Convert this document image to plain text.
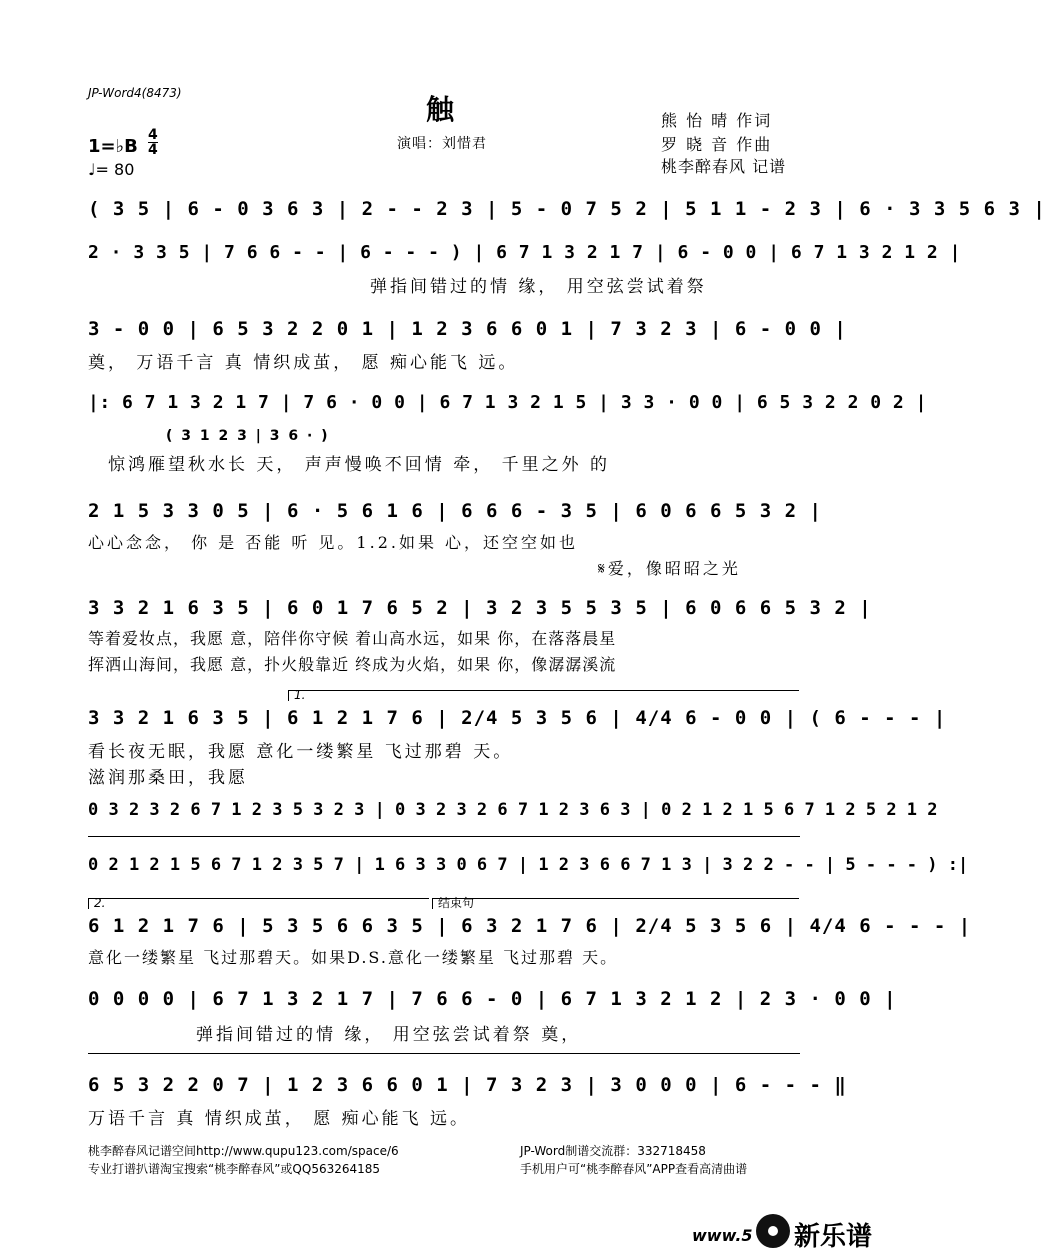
JP-Word4(8473)	触
演唱：刘惜君
熊 怡 晴 作词
罗 晓 音 作曲
桃李醉春风 记谱
1=♭B
4
4
♩= 80
( 3 5 | 6 - 0 3 6 3 | 2 - - 2 3 | 5 - 0 7 5 2 | 5 1 1 - 2 3 | 6 · 3 3 5 6 3 |
2 · 3 3 5 | 7 6 6 - - | 6 - - - ) | 6 7 1 3 2 1 7 | 6 - 0 0 | 6 7 1 3 2 1 2 |
弹指间错过的情 缘， 用空弦尝试着祭
3 - 0 0 | 6 5 3 2 2 0 1 | 1 2 3 6 6 0 1 | 7 3 2 3 | 6 - 0 0 |
奠， 万语千言 真 情织成茧， 愿 痴心能飞 远。
|: 6 7 1 3 2 1 7 | 7 6 · 0 0 | 6 7 1 3 2 1 5 | 3 3 · 0 0 | 6 5 3 2 2 0 2 |
( 3 1 2 3 | 3 6 · )
惊鸿雁望秋水长 天， 声声慢唤不回情 牵， 千里之外 的
2 1 5 3 3 0 5 | 6 · 5 6 1 6 | 6 6 6 - 3 5 | 6 0 6 6 5 3 2 |
心心念念， 你 是 否能 听 见。1.2.如果 心，还空空如也
𝄋爱，像昭昭之光
3 3 2 1 6 3 5 | 6 0 1 7 6 5 2 | 3 2 3 5 5 3 5 | 6 0 6 6 5 3 2 |
等着爱妆点，我愿 意，陪伴你守候 着山高水远，如果 你，在落落晨星
挥洒山海间，我愿 意，扑火般靠近 终成为火焰，如果 你，像潺潺溪流
1.
3 3 2 1 6 3 5 | 6 1 2 1 7 6 | 2/4 5 3 5 6 | 4/4 6 - 0 0 | ( 6 - - - |
看长夜无眠，我愿 意化一缕繁星 飞过那碧 天。
滋润那桑田，我愿
0 3 2 3 2 6 7 1 2 3 5 3 2 3 | 0 3 2 3 2 6 7 1 2 3 6 3 | 0 2 1 2 1 5 6 7 1 2 5 2 1 2
0 2 1 2 1 5 6 7 1 2 3 5 7 | 1 6 3 3 0 6 7 | 1 2 3 6 6 7 1 3 | 3 2 2 - - | 5 - - - ) :|
2.	结束句
6 1 2 1 7 6 | 5 3 5 6 6 3 5 | 6 3 2 1 7 6 | 2/4 5 3 5 6 | 4/4 6 - - - |
意化一缕繁星 飞过那碧天。如果D.S.意化一缕繁星 飞过那碧 天。
0 0 0 0 | 6 7 1 3 2 1 7 | 7 6 6 - 0 | 6 7 1 3 2 1 2 | 2 3 · 0 0 |
弹指间错过的情 缘， 用空弦尝试着祭 奠，
6 5 3 2 2 0 7 | 1 2 3 6 6 0 1 | 7 3 2 3 | 3 0 0 0 | 6 - - - ‖
万语千言 真 情织成茧， 愿 痴心能飞 远。
桃李醉春风记谱空间http://www.qupu123.com/space/6
专业打谱扒谱淘宝搜索“桃李醉春风”或QQ563264185
JP-Word制谱交流群：332718458
手机用户可“桃李醉春风”APP查看高清曲谱
www.5 新乐谱
